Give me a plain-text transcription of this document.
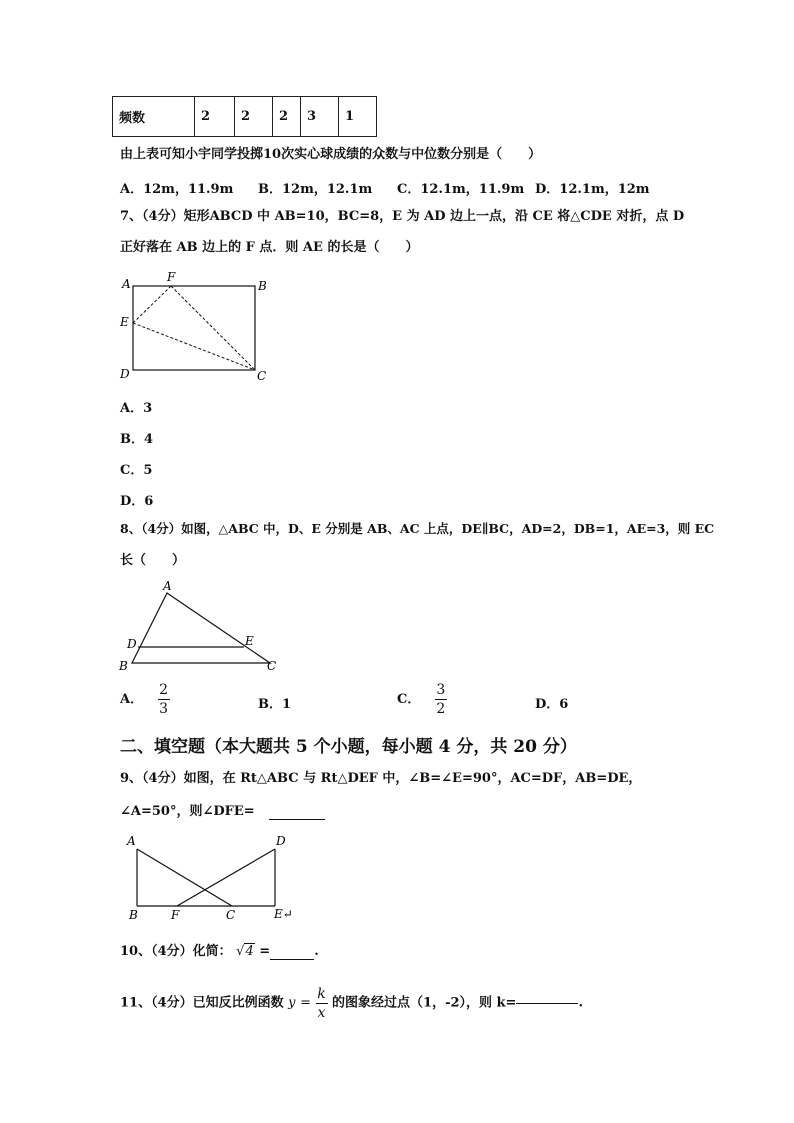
频数	2	2	2	3	1
由上表可知小宇同学投掷10次实心球成绩的众数与中位数分别是（　　）
A．12m，11.9m B．12m，12.1m C．12.1m，11.9m D．12.1m，12m
7、（4分）矩形ABCD 中 AB=10，BC=8，E 为 AD 边上一点，沿 CE 将△CDE 对折，点 D
正好落在 AB 边上的 F 点．则 AE 的长是（　　）
A	F
B
E
D	C
A．3
B．4
C．5
D．6
8、（4分）如图，△ABC 中，D、E 分别是 AB、AC 上点，DE∥BC，AD=2，DB=1，AE=3，则 EC
长（　　）
A
D	E
B	C
A． $\frac{2}{3}$	B．1	C． $\frac{3}{2}$	D．6
二、填空题（本大题共 5 个小题，每小题 4 分，共 20 分）
9、（4分）如图，在 Rt△ABC 与 Rt△DEF 中，∠B=∠E=90°，AC=DF，AB=DE，
∠A=50°，则∠DFE=
A	D
B	F	C	E↵
10、（4分）化简： √4 =	.
11、（4分）已知反比例函数 $y = \frac{k}{x}$ 的图象经过点（1，-2），则 k=	.
